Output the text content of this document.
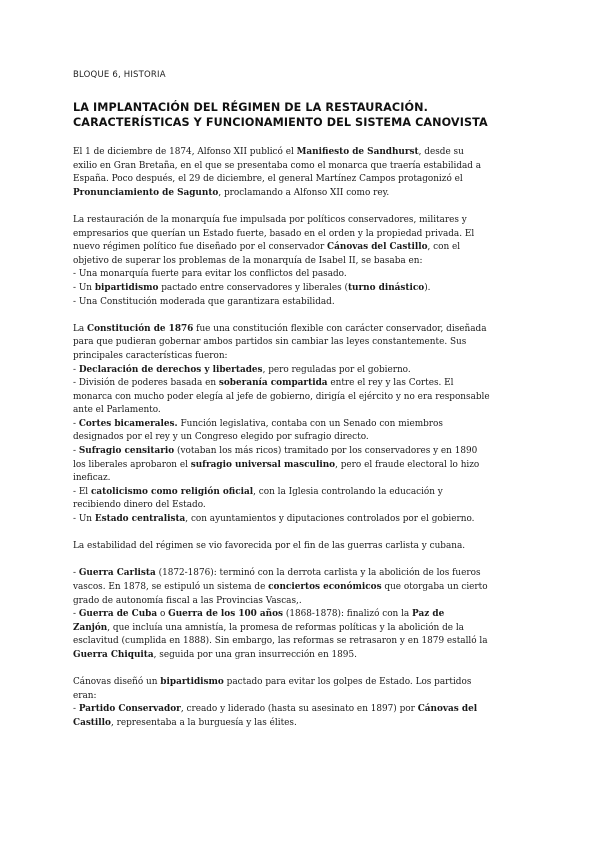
BLOQUE 6, HISTORIA
LA IMPLANTACIÓN DEL RÉGIMEN DE LA RESTAURACIÓN.
CARACTERÍSTICAS Y FUNCIONAMIENTO DEL SISTEMA CANOVISTA
El 1 de diciembre de 1874, Alfonso XII publicó el Manifiesto de Sandhurst, desde su
exilio en Gran Bretaña, en el que se presentaba como el monarca que traería estabilidad a
España. Poco después, el 29 de diciembre, el general Martínez Campos protagonizó el
Pronunciamiento de Sagunto, proclamando a Alfonso XII como rey.
La restauración de la monarquía fue impulsada por políticos conservadores, militares y
empresarios que querían un Estado fuerte, basado en el orden y la propiedad privada. El
nuevo régimen político fue diseñado por el conservador Cánovas del Castillo, con el
objetivo de superar los problemas de la monarquía de Isabel II, se basaba en:
- Una monarquía fuerte para evitar los conflictos del pasado.
- Un bipartidismo pactado entre conservadores y liberales (turno dinástico).
- Una Constitución moderada que garantizara estabilidad.
La Constitución de 1876 fue una constitución flexible con carácter conservador, diseñada
para que pudieran gobernar ambos partidos sin cambiar las leyes constantemente. Sus
principales características fueron:
- Declaración de derechos y libertades, pero reguladas por el gobierno.
- División de poderes basada en soberanía compartida entre el rey y las Cortes. El
monarca con mucho poder elegía al jefe de gobierno, dirigía el ejército y no era responsable
ante el Parlamento.
- Cortes bicamerales. Función legislativa, contaba con un Senado con miembros
designados por el rey y un Congreso elegido por sufragio directo.
- Sufragio censitario (votaban los más ricos) tramitado por los conservadores y en 1890
los liberales aprobaron el sufragio universal masculino, pero el fraude electoral lo hizo
ineficaz.
- El catolicismo como religión oficial, con la Iglesia controlando la educación y
recibiendo dinero del Estado.
- Un Estado centralista, con ayuntamientos y diputaciones controlados por el gobierno.
La estabilidad del régimen se vio favorecida por el fin de las guerras carlista y cubana.
- Guerra Carlista (1872-1876): terminó con la derrota carlista y la abolición de los fueros
vascos. En 1878, se estipuló un sistema de conciertos económicos que otorgaba un cierto
grado de autonomía fiscal a las Provincias Vascas,.
- Guerra de Cuba o Guerra de los 100 años (1868-1878): finalizó con la Paz de
Zanjón, que incluía una amnistía, la promesa de reformas políticas y la abolición de la
esclavitud (cumplida en 1888). Sin embargo, las reformas se retrasaron y en 1879 estalló la
Guerra Chiquita, seguida por una gran insurrección en 1895.
Cánovas diseñó un bipartidismo pactado para evitar los golpes de Estado. Los partidos
eran:
- Partido Conservador, creado y liderado (hasta su asesinato en 1897) por Cánovas del
Castillo, representaba a la burguesía y las élites.
